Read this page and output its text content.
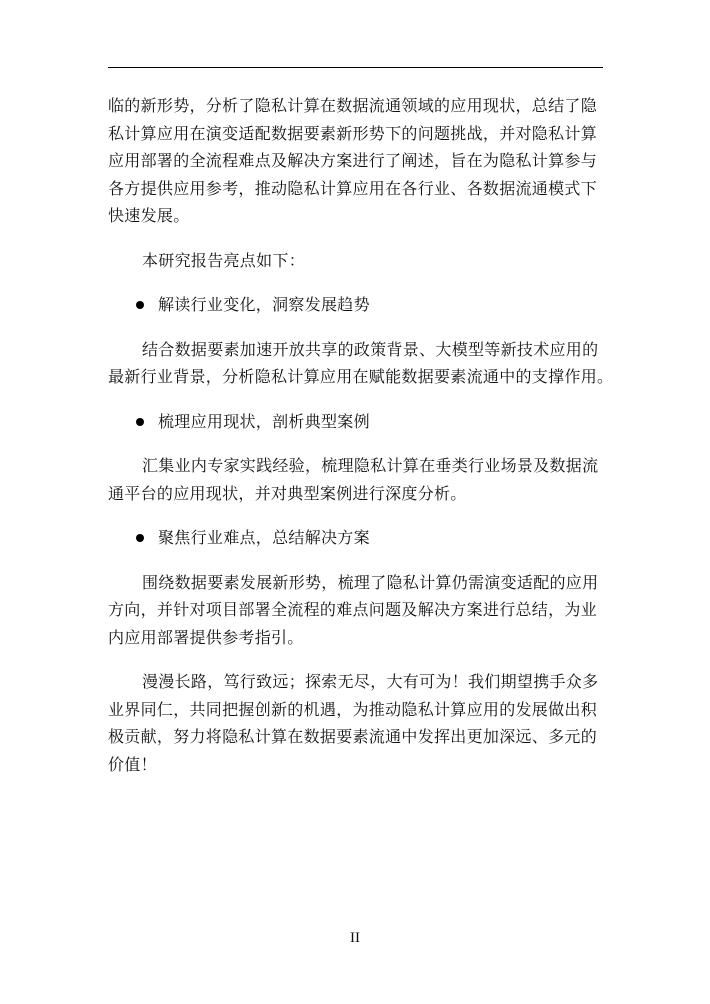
临的新形势，分析了隐私计算在数据流通领域的应用现状，总结了隐
私计算应用在演变适配数据要素新形势下的问题挑战，并对隐私计算
应用部署的全流程难点及解决方案进行了阐述，旨在为隐私计算参与
各方提供应用参考，推动隐私计算应用在各行业、各数据流通模式下
快速发展。

本研究报告亮点如下：

解读行业变化，洞察发展趋势

结合数据要素加速开放共享的政策背景、大模型等新技术应用的
最新行业背景，分析隐私计算应用在赋能数据要素流通中的支撑作用。

梳理应用现状，剖析典型案例

汇集业内专家实践经验，梳理隐私计算在垂类行业场景及数据流
通平台的应用现状，并对典型案例进行深度分析。

聚焦行业难点，总结解决方案

围绕数据要素发展新形势，梳理了隐私计算仍需演变适配的应用
方向，并针对项目部署全流程的难点问题及解决方案进行总结，为业
内应用部署提供参考指引。

漫漫长路，笃行致远；探索无尽，大有可为！我们期望携手众多
业界同仁，共同把握创新的机遇，为推动隐私计算应用的发展做出积
极贡献，努力将隐私计算在数据要素流通中发挥出更加深远、多元的
价值！

II
